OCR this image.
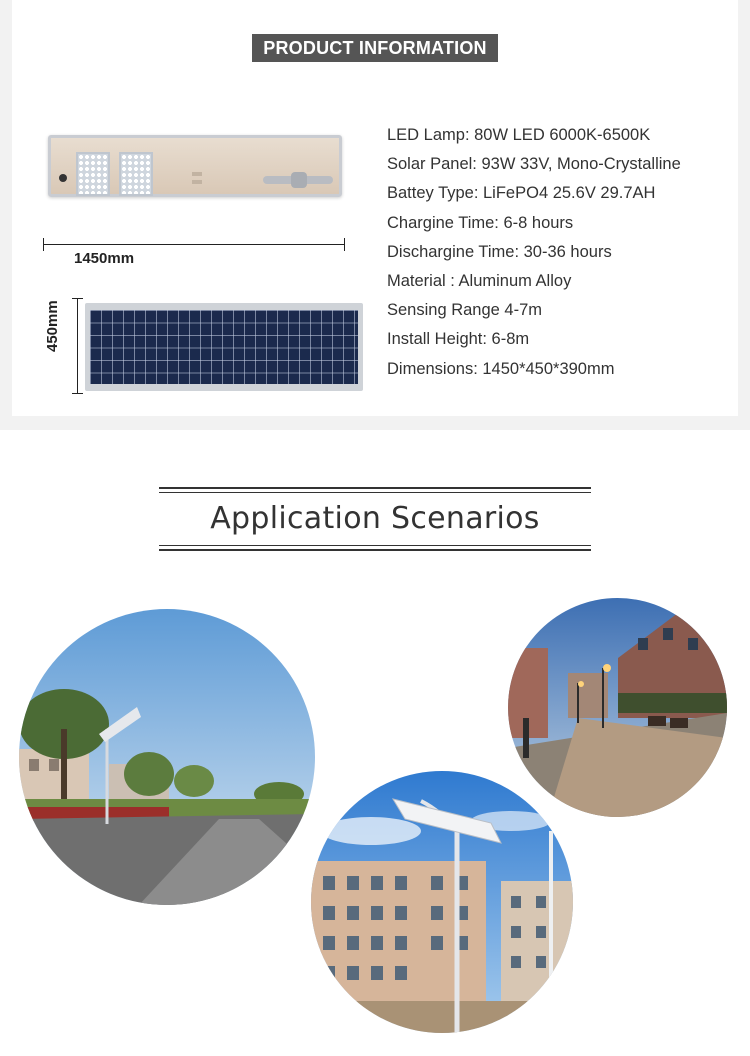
PRODUCT INFORMATION
1450mm
450mm
LED Lamp: 80W LED 6000K-6500K
Solar Panel: 93W 33V, Mono-Crystalline
Battey Type: LiFePO4 25.6V 29.7AH
Chargine Time: 6-8 hours
Dischargine Time: 30-36 hours
Material : Aluminum Alloy
Sensing Range 4-7m
Install Height: 6-8m
Dimensions: 1450*450*390mm
Application Scenarios
